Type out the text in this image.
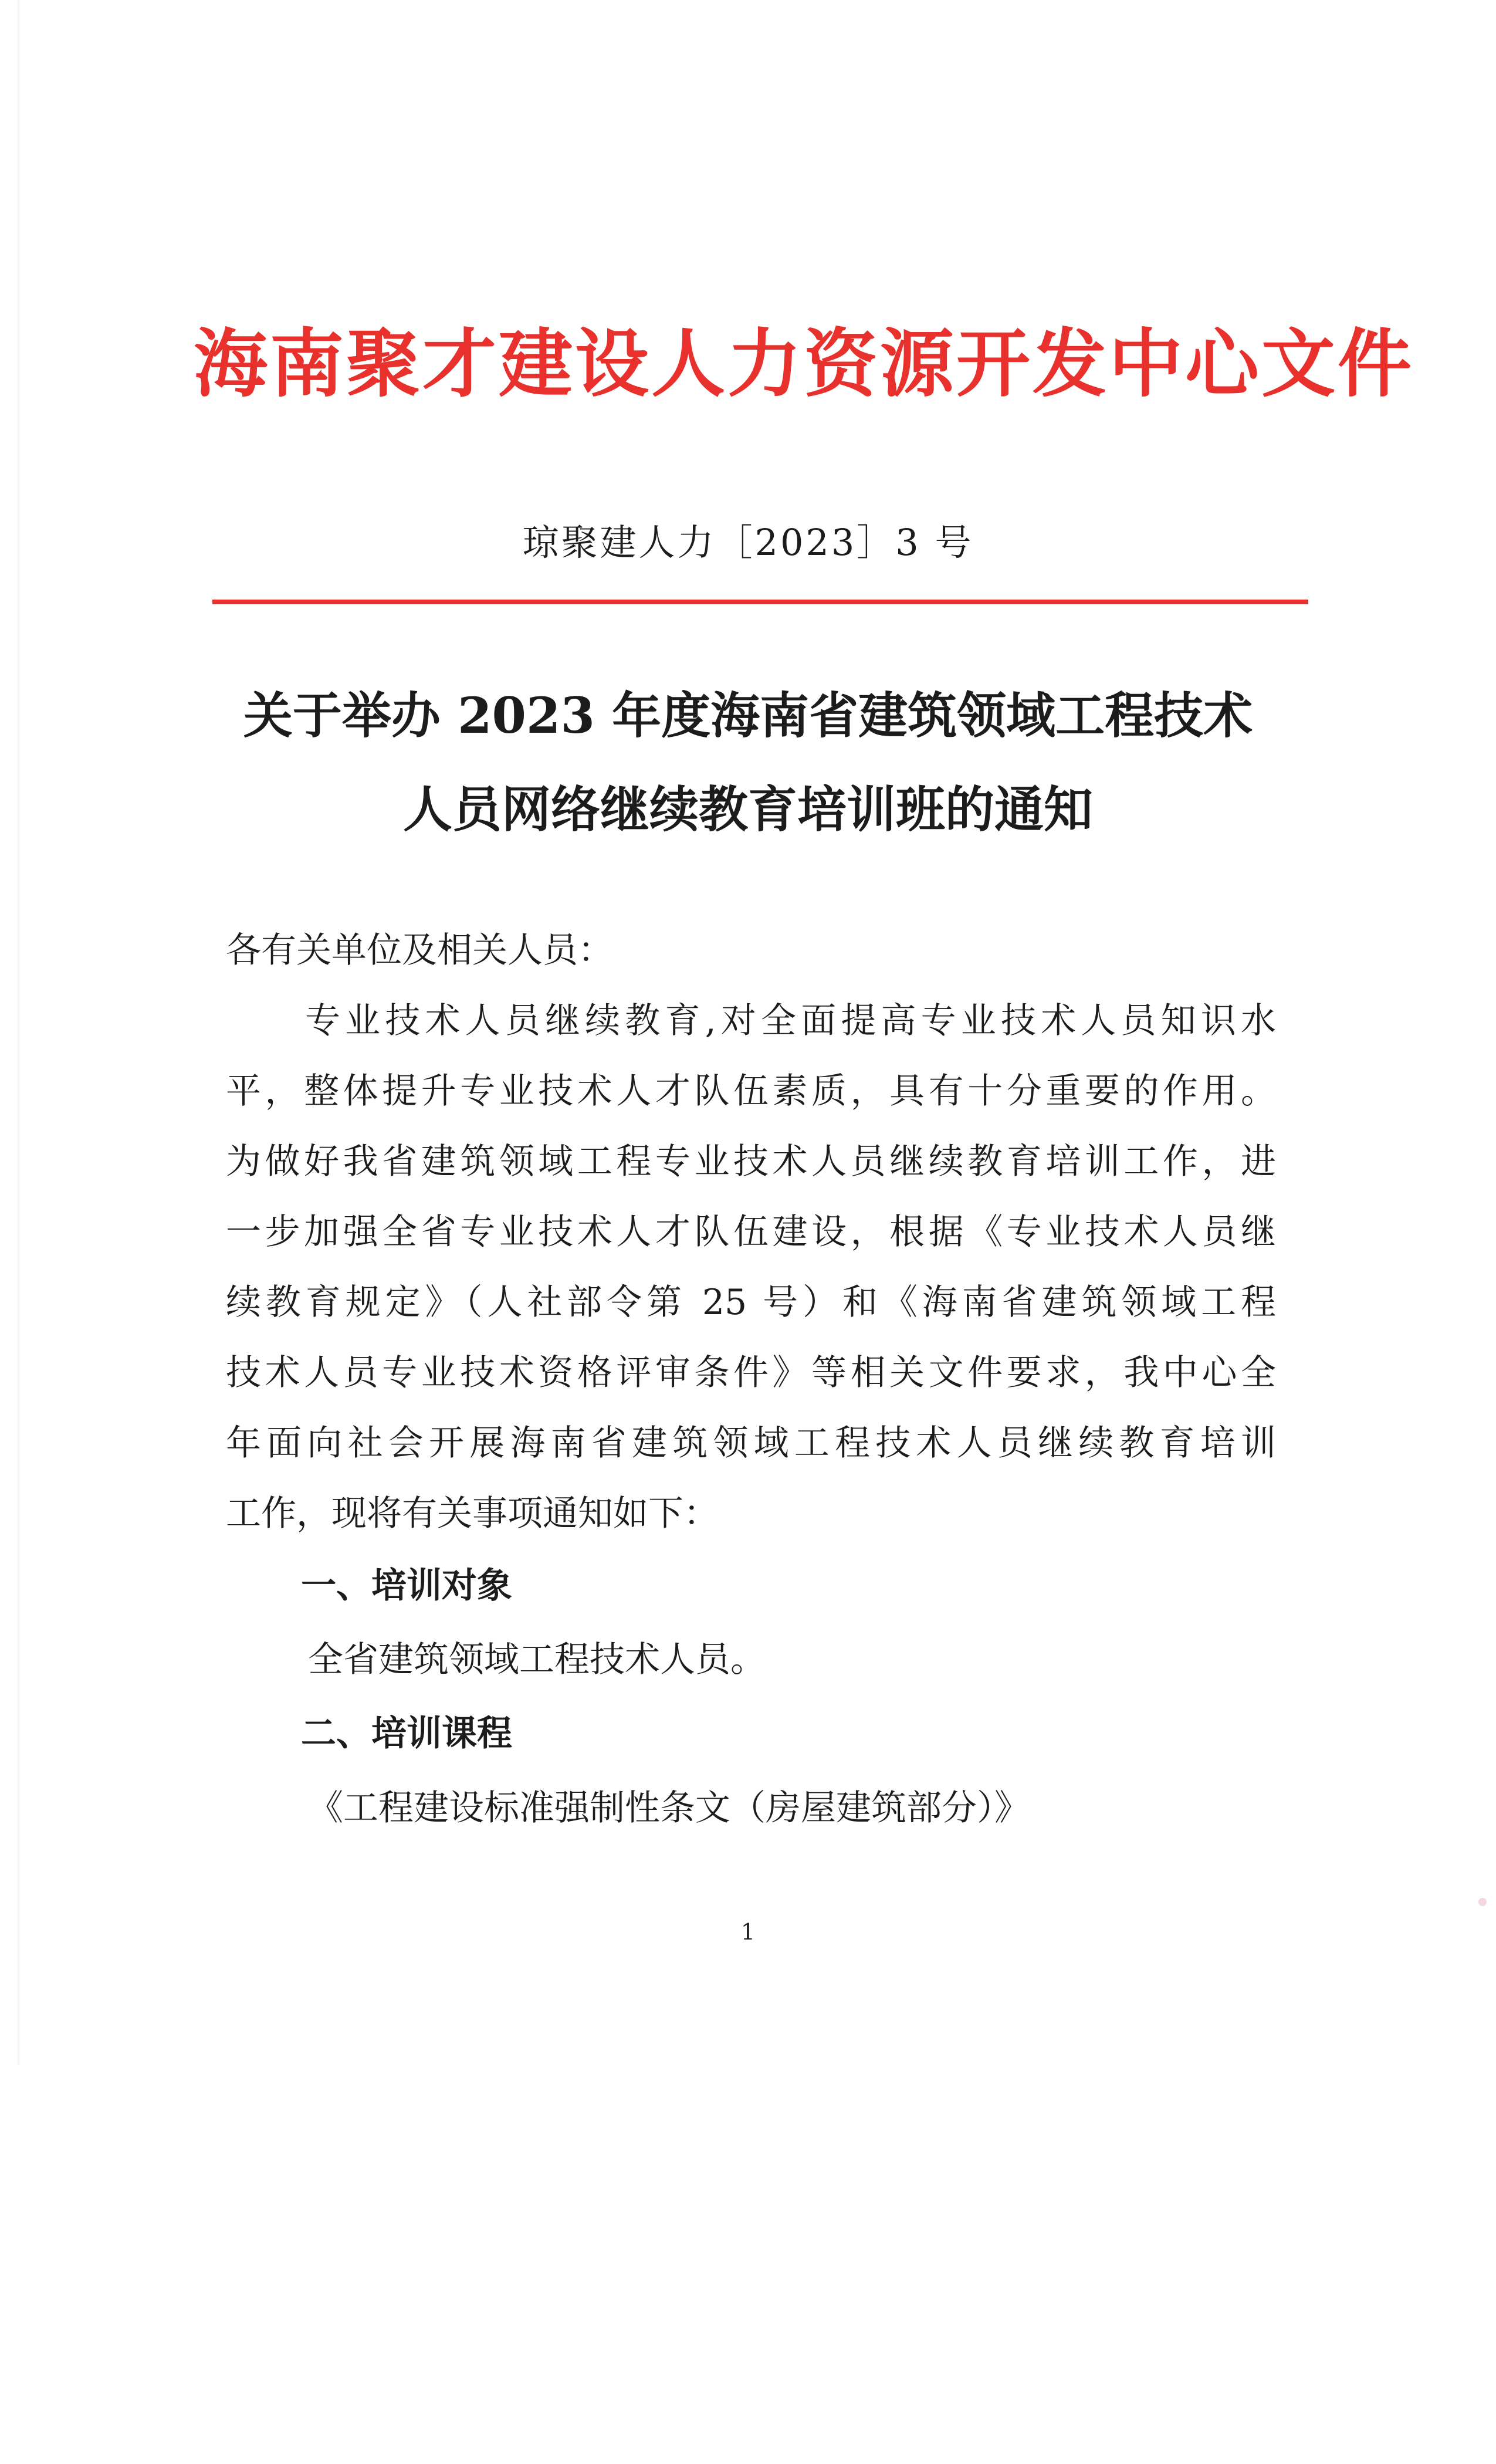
海南聚才建设人力资源开发中心文件
琼聚建人力［2023］3 号
关于举办 2023 年度海南省建筑领域工程技术
人员网络继续教育培训班的通知

各有关单位及相关人员：

专业技术人员继续教育,对全面提高专业技术人员知识水
平，整体提升专业技术人才队伍素质，具有十分重要的作用。
为做好我省建筑领域工程专业技术人员继续教育培训工作，进
一步加强全省专业技术人才队伍建设，根据《专业技术人员继
续教育规定》（人社部令第 25 号）和《海南省建筑领域工程
技术人员专业技术资格评审条件》等相关文件要求，我中心全
年面向社会开展海南省建筑领域工程技术人员继续教育培训
工作，现将有关事项通知如下：
一、培训对象
全省建筑领域工程技术人员。
二、培训课程
《工程建设标准强制性条文（房屋建筑部分）》
1
